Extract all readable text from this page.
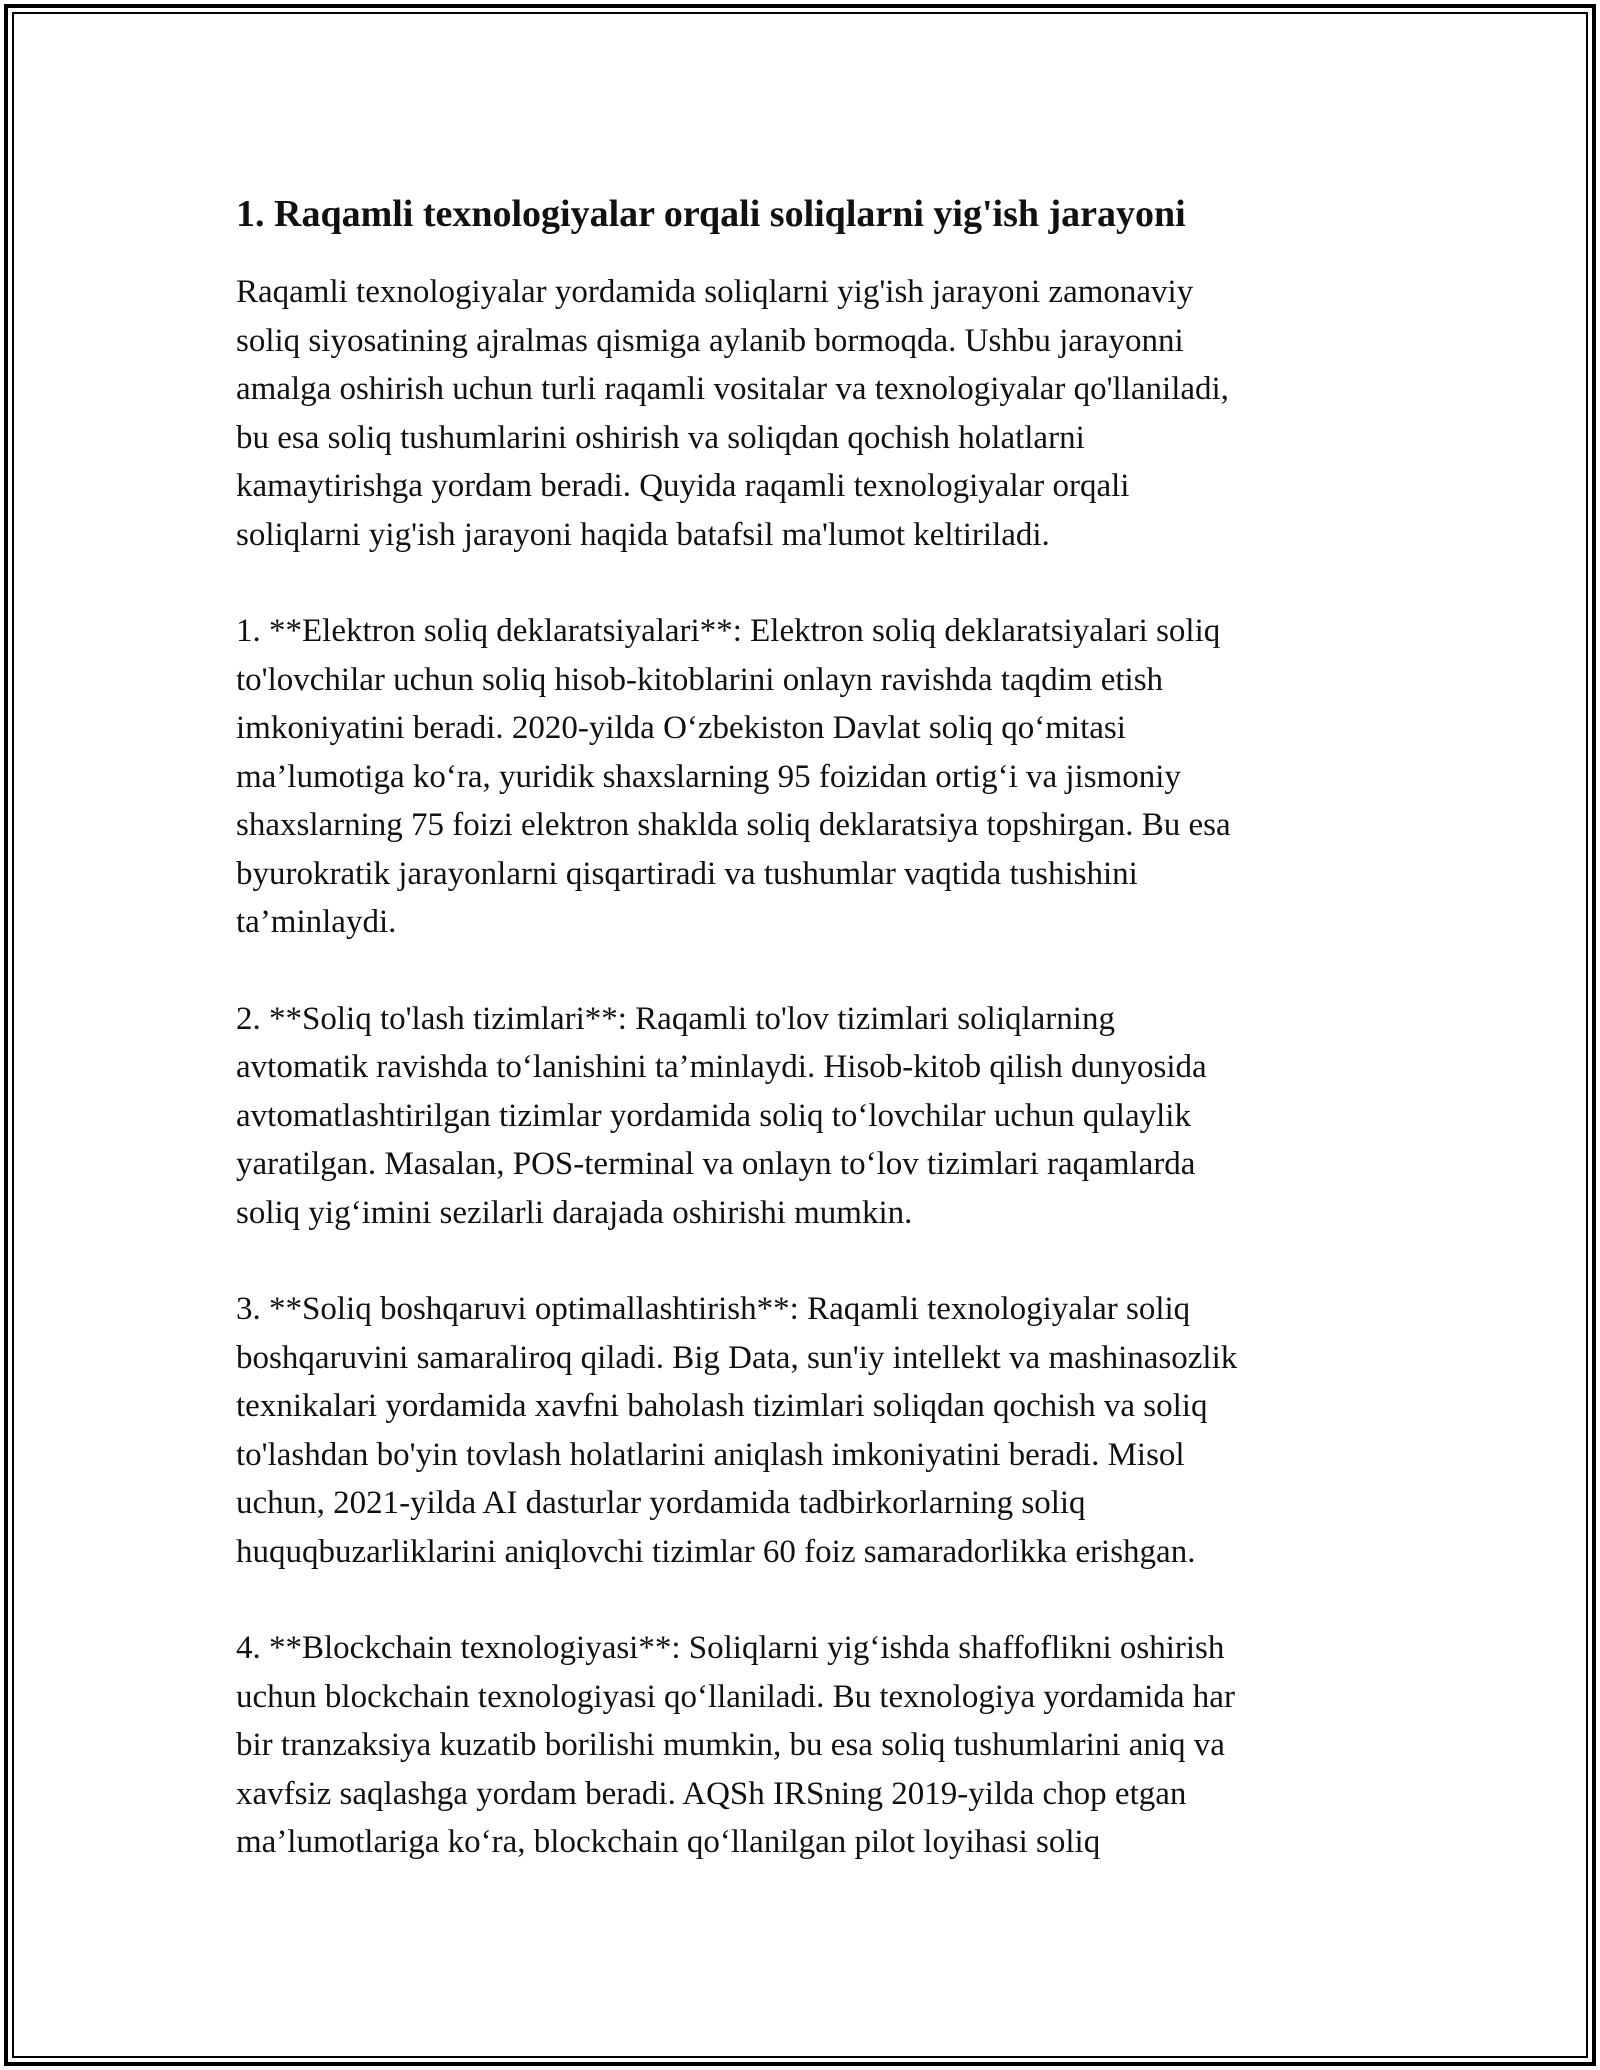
1. Raqamli texnologiyalar orqali soliqlarni yig'ish jarayoni
Raqamli texnologiyalar yordamida soliqlarni yig'ish jarayoni zamonaviy
soliq siyosatining ajralmas qismiga aylanib bormoqda. Ushbu jarayonni
amalga oshirish uchun turli raqamli vositalar va texnologiyalar qo'llaniladi,
bu esa soliq tushumlarini oshirish va soliqdan qochish holatlarni
kamaytirishga yordam beradi. Quyida raqamli texnologiyalar orqali
soliqlarni yig'ish jarayoni haqida batafsil ma'lumot keltiriladi.
1. **Elektron soliq deklaratsiyalari**: Elektron soliq deklaratsiyalari soliq
to'lovchilar uchun soliq hisob-kitoblarini onlayn ravishda taqdim etish
imkoniyatini beradi. 2020-yilda O‘zbekiston Davlat soliq qo‘mitasi
ma’lumotiga ko‘ra, yuridik shaxslarning 95 foizidan ortig‘i va jismoniy
shaxslarning 75 foizi elektron shaklda soliq deklaratsiya topshirgan. Bu esa
byurokratik jarayonlarni qisqartiradi va tushumlar vaqtida tushishini
ta’minlaydi.
2. **Soliq to'lash tizimlari**: Raqamli to'lov tizimlari soliqlarning
avtomatik ravishda to‘lanishini ta’minlaydi. Hisob-kitob qilish dunyosida
avtomatlashtirilgan tizimlar yordamida soliq to‘lovchilar uchun qulaylik
yaratilgan. Masalan, POS-terminal va onlayn to‘lov tizimlari raqamlarda
soliq yig‘imini sezilarli darajada oshirishi mumkin.
3. **Soliq boshqaruvi optimallashtirish**: Raqamli texnologiyalar soliq
boshqaruvini samaraliroq qiladi. Big Data, sun'iy intellekt va mashinasozlik
texnikalari yordamida xavfni baholash tizimlari soliqdan qochish va soliq
to'lashdan bo'yin tovlash holatlarini aniqlash imkoniyatini beradi. Misol
uchun, 2021-yilda AI dasturlar yordamida tadbirkorlarning soliq
huquqbuzarliklarini aniqlovchi tizimlar 60 foiz samaradorlikka erishgan.
4. **Blockchain texnologiyasi**: Soliqlarni yig‘ishda shaffoflikni oshirish
uchun blockchain texnologiyasi qo‘llaniladi. Bu texnologiya yordamida har
bir tranzaksiya kuzatib borilishi mumkin, bu esa soliq tushumlarini aniq va
xavfsiz saqlashga yordam beradi. AQSh IRSning 2019-yilda chop etgan
ma’lumotlariga ko‘ra, blockchain qo‘llanilgan pilot loyihasi soliq
